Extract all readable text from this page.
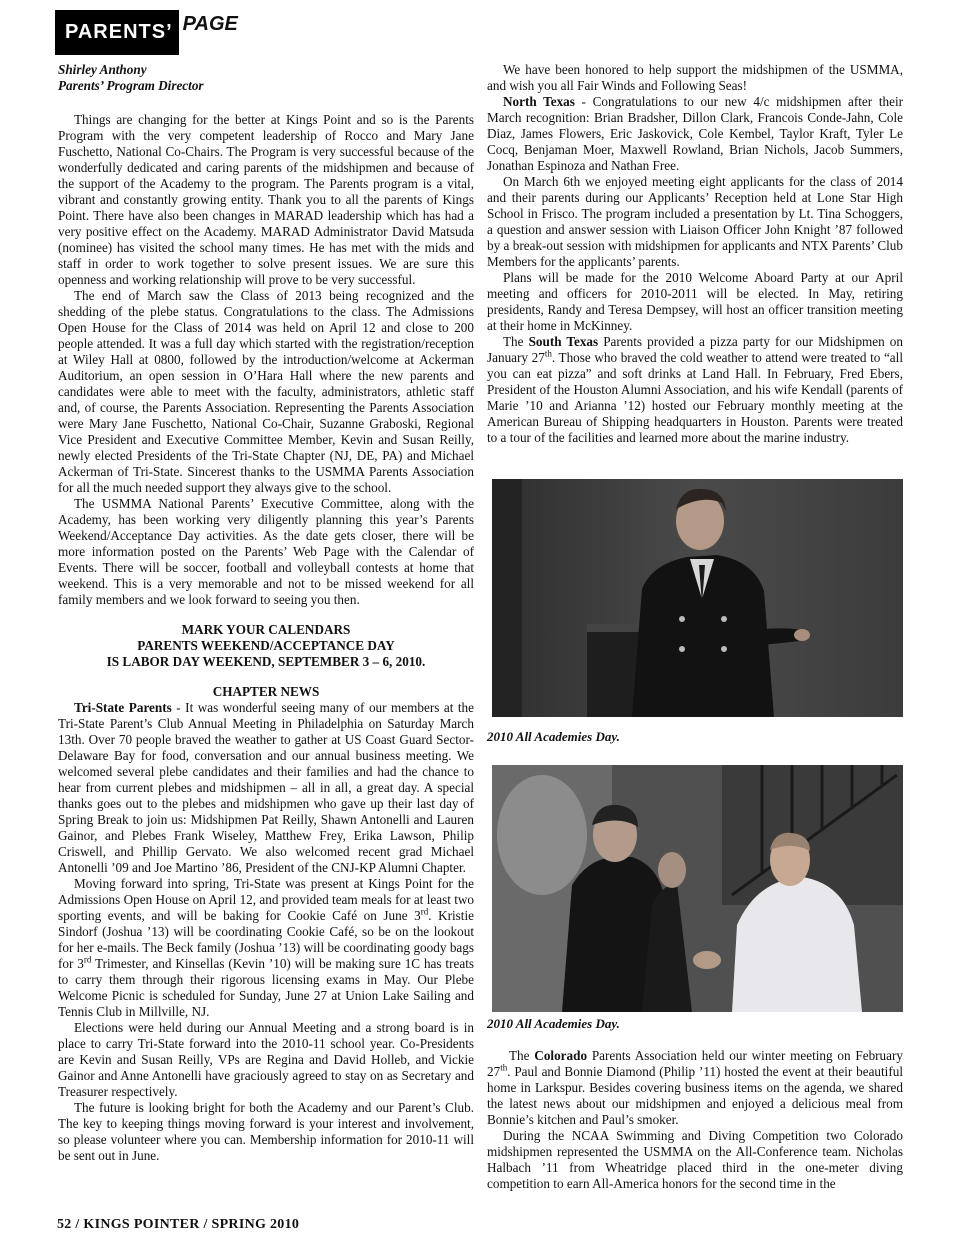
PARENTS’ PAGE
Shirley Anthony
Parents’ Program Director

Things are changing for the better at Kings Point and so is the Parents Program with the very competent leadership of Rocco and Mary Jane Fuschetto, National Co-Chairs. The Program is very successful because of the wonderfully dedicated and caring parents of the midshipmen and because of the support of the Academy to the program. The Parents program is a vital, vibrant and constantly growing entity. Thank you to all the parents of Kings Point. There have also been changes in MARAD leadership which has had a very positive effect on the Academy. MARAD Administrator David Matsuda (nominee) has visited the school many times. He has met with the mids and staff in order to work together to solve present issues. We are sure this openness and working relationship will prove to be very successful.

The end of March saw the Class of 2013 being recognized and the shedding of the plebe status. Congratulations to the class. The Admissions Open House for the Class of 2014 was held on April 12 and close to 200 people attended. It was a full day which started with the registration/reception at Wiley Hall at 0800, followed by the introduction/welcome at Ackerman Auditorium, an open session in O’Hara Hall where the new parents and candidates were able to meet with the faculty, administrators, athletic staff and, of course, the Parents Association. Representing the Parents Association were Mary Jane Fuschetto, National Co-Chair, Suzanne Graboski, Regional Vice President and Executive Committee Member, Kevin and Susan Reilly, newly elected Presidents of the Tri-State Chapter (NJ, DE, PA) and Michael Ackerman of Tri-State. Sincerest thanks to the USMMA Parents Association for all the much needed support they always give to the school.

The USMMA National Parents’ Executive Committee, along with the Academy, has been working very diligently planning this year’s Parents Weekend/Acceptance Day activities. As the date gets closer, there will be more information posted on the Parents’ Web Page with the Calendar of Events. There will be soccer, football and volleyball contests at home that weekend. This is a very memorable and not to be missed weekend for all family members and we look forward to seeing you then.

MARK YOUR CALENDARS

PARENTS WEEKEND/ACCEPTANCE DAY

IS LABOR DAY WEEKEND, SEPTEMBER 3 – 6, 2010.

CHAPTER NEWS

Tri-State Parents - It was wonderful seeing many of our members at the Tri-State Parent’s Club Annual Meeting in Philadelphia on Saturday March 13th. Over 70 people braved the weather to gather at US Coast Guard Sector-Delaware Bay for food, conversation and our annual business meeting. We welcomed several plebe candidates and their families and had the chance to hear from current plebes and midshipmen – all in all, a great day. A special thanks goes out to the plebes and midshipmen who gave up their last day of Spring Break to join us: Midshipmen Pat Reilly, Shawn Antonelli and Lauren Gainor, and Plebes Frank Wiseley, Matthew Frey, Erika Lawson, Philip Criswell, and Phillip Gervato. We also welcomed recent grad Michael Antonelli ’09 and Joe Martino ’86, President of the CNJ-KP Alumni Chapter.

Moving forward into spring, Tri-State was present at Kings Point for the Admissions Open House on April 12, and provided team meals for at least two sporting events, and will be baking for Cookie Café on June 3rd. Kristie Sindorf (Joshua ’13) will be coordinating Cookie Café, so be on the lookout for her e-mails. The Beck family (Joshua ’13) will be coordinating goody bags for 3rd Trimester, and Kinsellas (Kevin ’10) will be making sure 1C has treats to carry them through their rigorous licensing exams in May. Our Plebe Welcome Picnic is scheduled for Sunday, June 27 at Union Lake Sailing and Tennis Club in Millville, NJ.

Elections were held during our Annual Meeting and a strong board is in place to carry Tri-State forward into the 2010-11 school year. Co-Presidents are Kevin and Susan Reilly, VPs are Regina and David Holleb, and Vickie Gainor and Anne Antonelli have graciously agreed to stay on as Secretary and Treasurer respectively.

The future is looking bright for both the Academy and our Parent’s Club. The key to keeping things moving forward is your interest and involvement, so please volunteer where you can. Membership information for 2010-11 will be sent out in June.

We have been honored to help support the midshipmen of the USMMA, and wish you all Fair Winds and Following Seas!

North Texas - Congratulations to our new 4/c midshipmen after their March recognition: Brian Bradsher, Dillon Clark, Francois Conde-Jahn, Cole Diaz, James Flowers, Eric Jaskovick, Cole Kembel, Taylor Kraft, Tyler Le Cocq, Benjaman Moer, Maxwell Rowland, Brian Nichols, Jacob Summers, Jonathan Espinoza and Nathan Free.

On March 6th we enjoyed meeting eight applicants for the class of 2014 and their parents during our Applicants’ Reception held at Lone Star High School in Frisco. The program included a presentation by Lt. Tina Schoggers, a question and answer session with Liaison Officer John Knight ’87 followed by a break-out session with midshipmen for applicants and NTX Parents’ Club Members for the applicants’ parents.

Plans will be made for the 2010 Welcome Aboard Party at our April meeting and officers for 2010-2011 will be elected. In May, retiring presidents, Randy and Teresa Dempsey, will host an officer transition meeting at their home in McKinney.

The South Texas Parents provided a pizza party for our Midshipmen on January 27th. Those who braved the cold weather to attend were treated to “all you can eat pizza” and soft drinks at Land Hall. In February, Fred Ebers, President of the Houston Alumni Association, and his wife Kendall (parents of Marie ’10 and Arianna ’12) hosted our February monthly meeting at the American Bureau of Shipping headquarters in Houston. Parents were treated to a tour of the facilities and learned more about the marine industry.

2010 All Academies Day.
2010 All Academies Day.

The Colorado Parents Association held our winter meeting on February 27th. Paul and Bonnie Diamond (Philip ’11) hosted the event at their beautiful home in Larkspur. Besides covering business items on the agenda, we shared the latest news about our midshipmen and enjoyed a delicious meal from Bonnie’s kitchen and Paul’s smoker.

During the NCAA Swimming and Diving Competition two Colorado midshipmen represented the USMMA on the All-Conference team. Nicholas Halbach ’11 from Wheatridge placed third in the one-meter diving competition to earn All-America honors for the second time in the

52 / KINGS POINTER / SPRING 2010
